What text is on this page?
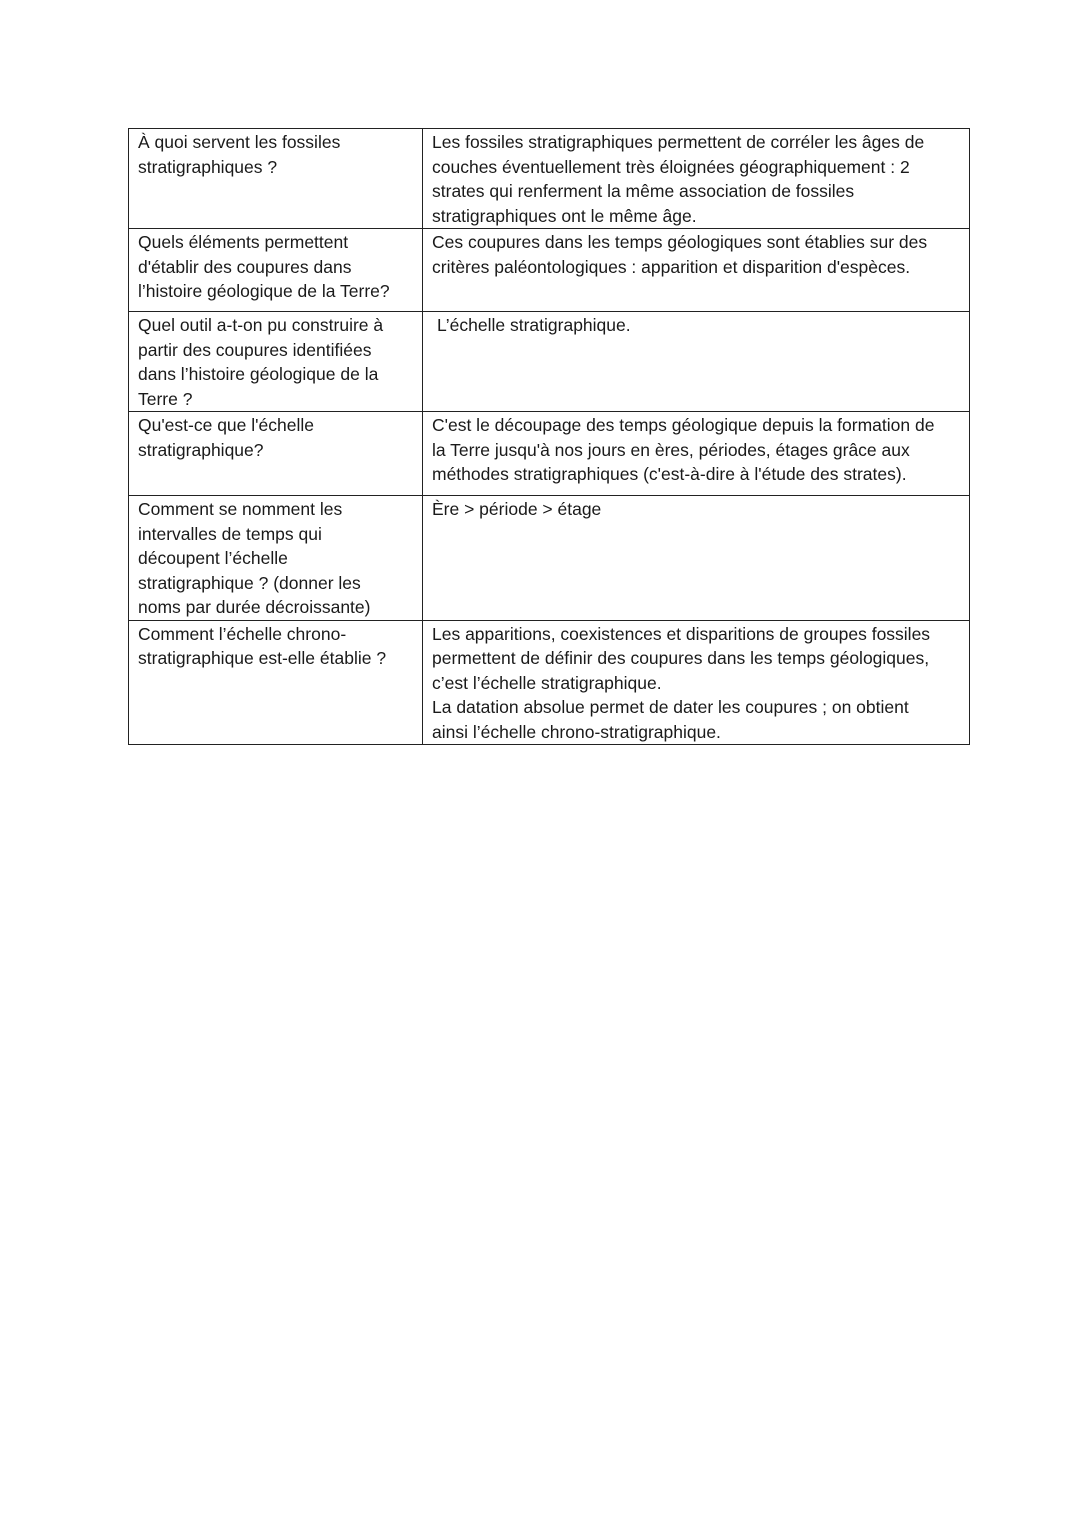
À quoi servent les fossiles
stratigraphiques ?	Les fossiles stratigraphiques permettent de corréler les âges de
couches éventuellement très éloignées géographiquement : 2
strates qui renferment la même association de fossiles
stratigraphiques ont le même âge.

Quels éléments permettent
d'établir des coupures dans
l’histoire géologique de la Terre?	Ces coupures dans les temps géologiques sont établies sur des
critères paléontologiques : apparition et disparition d'espèces.

Quel outil a-t-on pu construire à
partir des coupures identifiées
dans l’histoire géologique de la
Terre ?	L’échelle stratigraphique.

Qu'est-ce que l'échelle
stratigraphique?	C'est le découpage des temps géologique depuis la formation de
la Terre jusqu'à nos jours en ères, périodes, étages grâce aux
méthodes stratigraphiques (c'est-à-dire à l'étude des strates).

Comment se nomment les
intervalles de temps qui
découpent l’échelle
stratigraphique ? (donner les
noms par durée décroissante)	Ère > période > étage

Comment l’échelle chrono-
stratigraphique est-elle établie ?	Les apparitions, coexistences et disparitions de groupes fossiles
permettent de définir des coupures dans les temps géologiques,
c’est l’échelle stratigraphique.
La datation absolue permet de dater les coupures ; on obtient
ainsi l’échelle chrono-stratigraphique.
